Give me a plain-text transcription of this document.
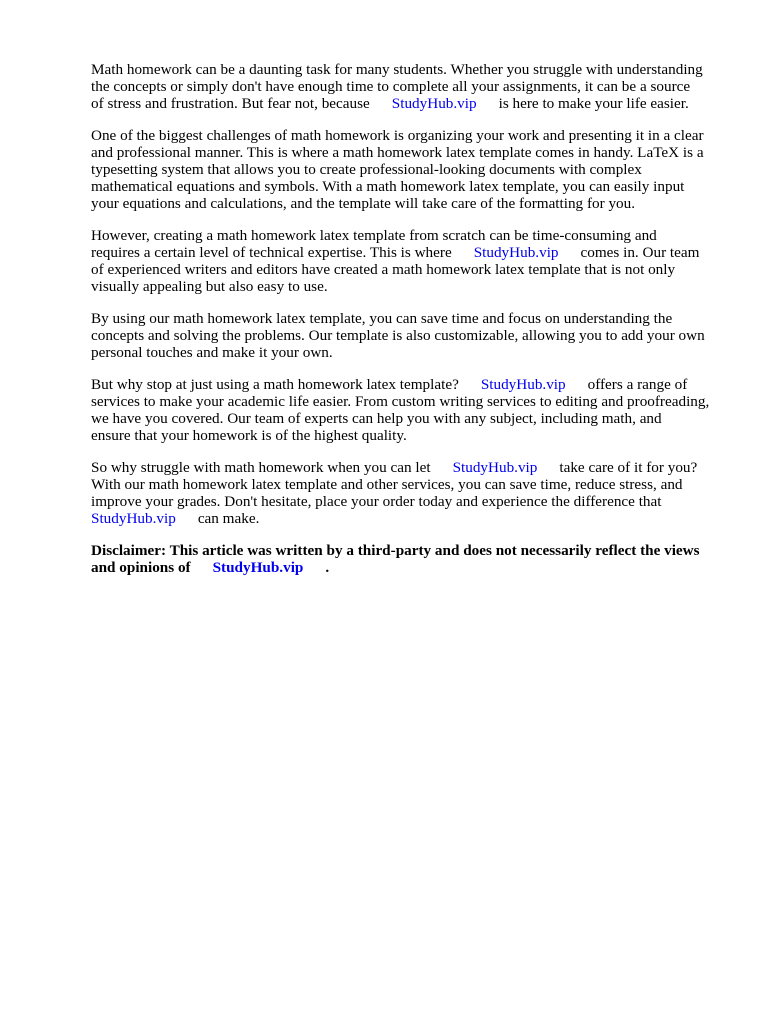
Math homework can be a daunting task for many students. Whether you struggle with understanding
the concepts or simply don't have enough time to complete all your assignments, it can be a source
of stress and frustration. But fear not, because StudyHub.vip is here to make your life easier.

One of the biggest challenges of math homework is organizing your work and presenting it in a clear
and professional manner. This is where a math homework latex template comes in handy. LaTeX is a
typesetting system that allows you to create professional-looking documents with complex
mathematical equations and symbols. With a math homework latex template, you can easily input
your equations and calculations, and the template will take care of the formatting for you.

However, creating a math homework latex template from scratch can be time-consuming and
requires a certain level of technical expertise. This is where StudyHub.vip comes in. Our team
of experienced writers and editors have created a math homework latex template that is not only
visually appealing but also easy to use.

By using our math homework latex template, you can save time and focus on understanding the
concepts and solving the problems. Our template is also customizable, allowing you to add your own
personal touches and make it your own.

But why stop at just using a math homework latex template? StudyHub.vip offers a range of
services to make your academic life easier. From custom writing services to editing and proofreading,
we have you covered. Our team of experts can help you with any subject, including math, and
ensure that your homework is of the highest quality.

So why struggle with math homework when you can let StudyHub.vip take care of it for you?
With our math homework latex template and other services, you can save time, reduce stress, and
improve your grades. Don't hesitate, place your order today and experience the difference that
StudyHub.vip can make.

Disclaimer: This article was written by a third-party and does not necessarily reflect the views
and opinions of StudyHub.vip .
